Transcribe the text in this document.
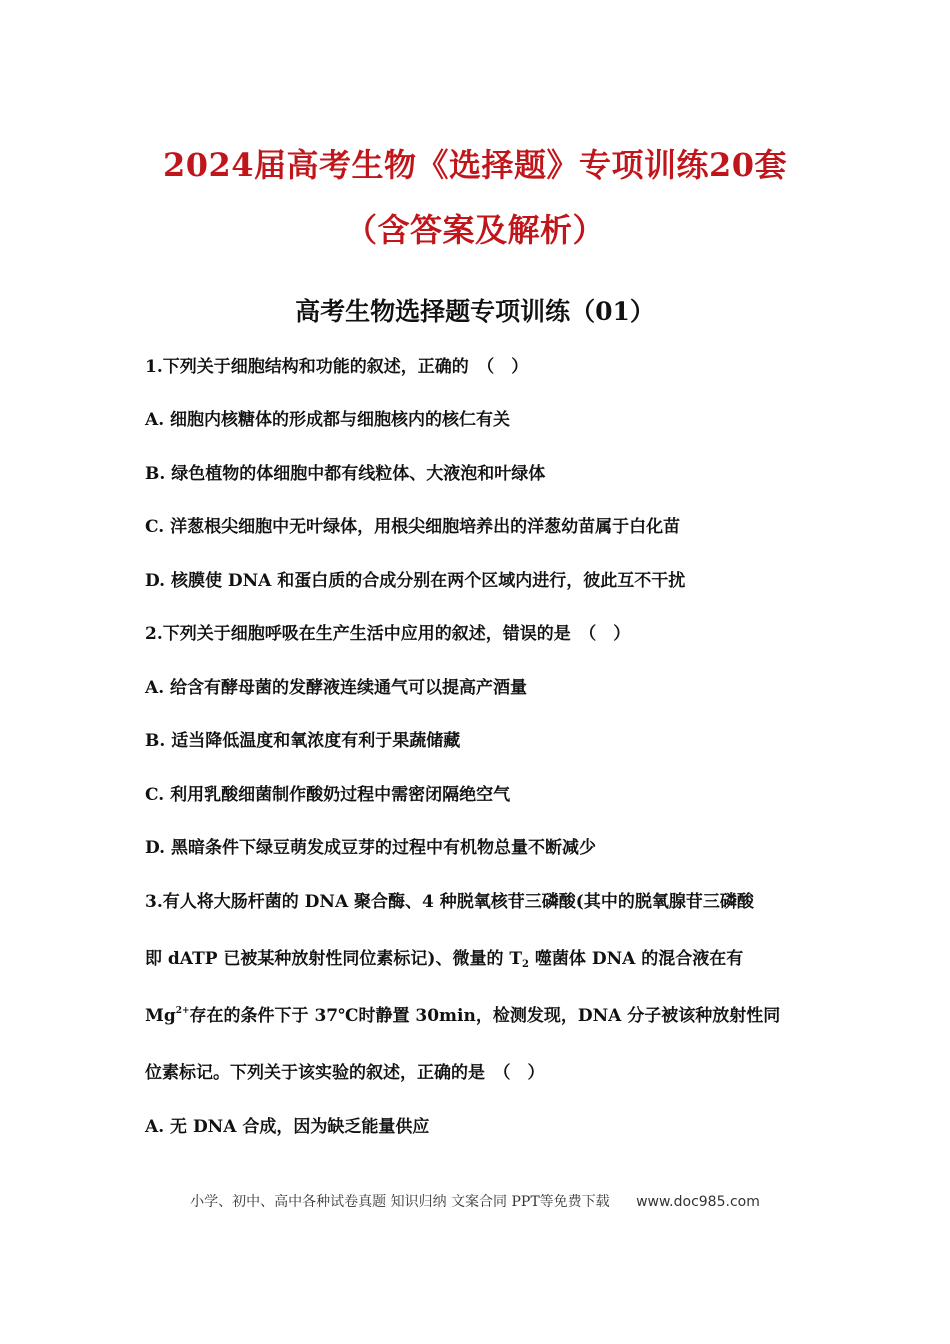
2024届高考生物《选择题》专项训练20套
（含答案及解析）
高考生物选择题专项训练（01）
1.下列关于细胞结构和功能的叙述，正确的　（　）
A. 细胞内核糖体的形成都与细胞核内的核仁有关
B. 绿色植物的体细胞中都有线粒体、大液泡和叶绿体
C. 洋葱根尖细胞中无叶绿体，用根尖细胞培养出的洋葱幼苗属于白化苗
D. 核膜使 DNA 和蛋白质的合成分别在两个区域内进行，彼此互不干扰
2.下列关于细胞呼吸在生产生活中应用的叙述，错误的是　（　）
A. 给含有酵母菌的发酵液连续通气可以提高产酒量
B. 适当降低温度和氧浓度有利于果蔬储藏
C. 利用乳酸细菌制作酸奶过程中需密闭隔绝空气
D. 黑暗条件下绿豆萌发成豆芽的过程中有机物总量不断减少
3.有人将大肠杆菌的 DNA 聚合酶、4 种脱氧核苷三磷酸(其中的脱氧腺苷三磷酸
即 dATP 已被某种放射性同位素标记)、微量的 $T_2$ 噬菌体 DNA 的混合液在有
$Mg^{2+}$存在的条件下于 37℃时静置 30min，检测发现，DNA 分子被该种放射性同
位素标记。下列关于该实验的叙述，正确的是　（　）
A. 无 DNA 合成，因为缺乏能量供应
小学、初中、高中各种试卷真题 知识归纳 文案合同 PPT等免费下载 www.doc985.com
